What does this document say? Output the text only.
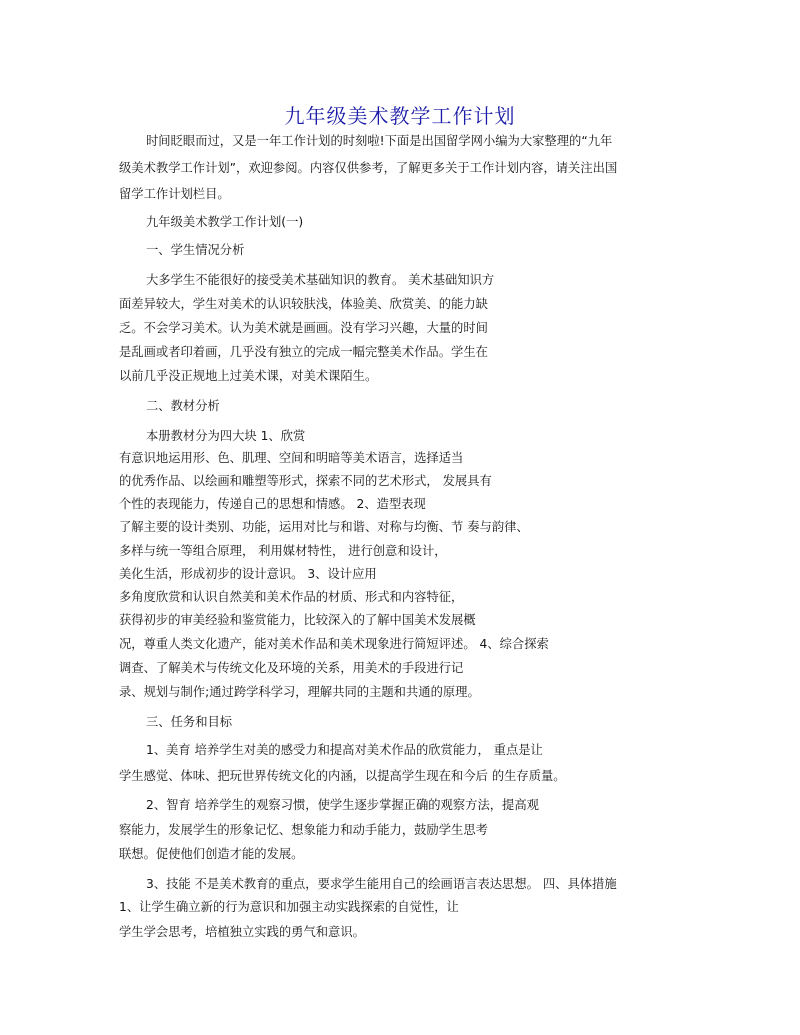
九年级美术教学工作计划

时间眨眼而过，又是一年工作计划的时刻啦!下面是出国留学网小编为大家整理的“九年

级美术教学工作计划”，欢迎参阅。内容仅供参考，了解更多关于工作计划内容，请关注出国

留学工作计划栏目。

九年级美术教学工作计划(一)

一、学生情况分析

大多学生不能很好的接受美术基础知识的教育。 美术基础知识方

面差异较大，学生对美术的认识较肤浅，体验美、欣赏美、的能力缺

乏。不会学习美术。认为美术就是画画。没有学习兴趣，大量的时间

是乱画或者印着画，几乎没有独立的完成一幅完整美术作品。学生在

以前几乎没正规地上过美术课，对美术课陌生。

二、教材分析

本册教材分为四大块 1、欣赏

有意识地运用形、色、肌理、空间和明暗等美术语言，选择适当

的优秀作品、以绘画和雕塑等形式，探索不同的艺术形式， 发展具有

个性的表现能力，传递自己的思想和情感。 2、造型表现

了解主要的设计类别、功能，运用对比与和谐、对称与均衡、节 奏与韵律、

多样与统一等组合原理， 利用媒材特性， 进行创意和设计，

美化生活，形成初步的设计意识。 3、设计应用

多角度欣赏和认识自然美和美术作品的材质、形式和内容特征，

获得初步的审美经验和鉴赏能力，比较深入的了解中国美术发展概

况，尊重人类文化遗产，能对美术作品和美术现象进行简短评述。 4、综合探索

调查、了解美术与传统文化及环境的关系，用美术的手段进行记

录、规划与制作;通过跨学科学习，理解共同的主题和共通的原理。

三、任务和目标

1、美育 培养学生对美的感受力和提高对美术作品的欣赏能力， 重点是让

学生感觉、体味、把玩世界传统文化的内涵，以提高学生现在和今后 的生存质量。

2、智育 培养学生的观察习惯，使学生逐步掌握正确的观察方法，提高观

察能力，发展学生的形象记忆、想象能力和动手能力，鼓励学生思考

联想。促使他们创造才能的发展。

3、技能 不是美术教育的重点，要求学生能用自己的绘画语言表达思想。 四、具体措施

1、让学生确立新的行为意识和加强主动实践探索的自觉性，让

学生学会思考，培植独立实践的勇气和意识。
